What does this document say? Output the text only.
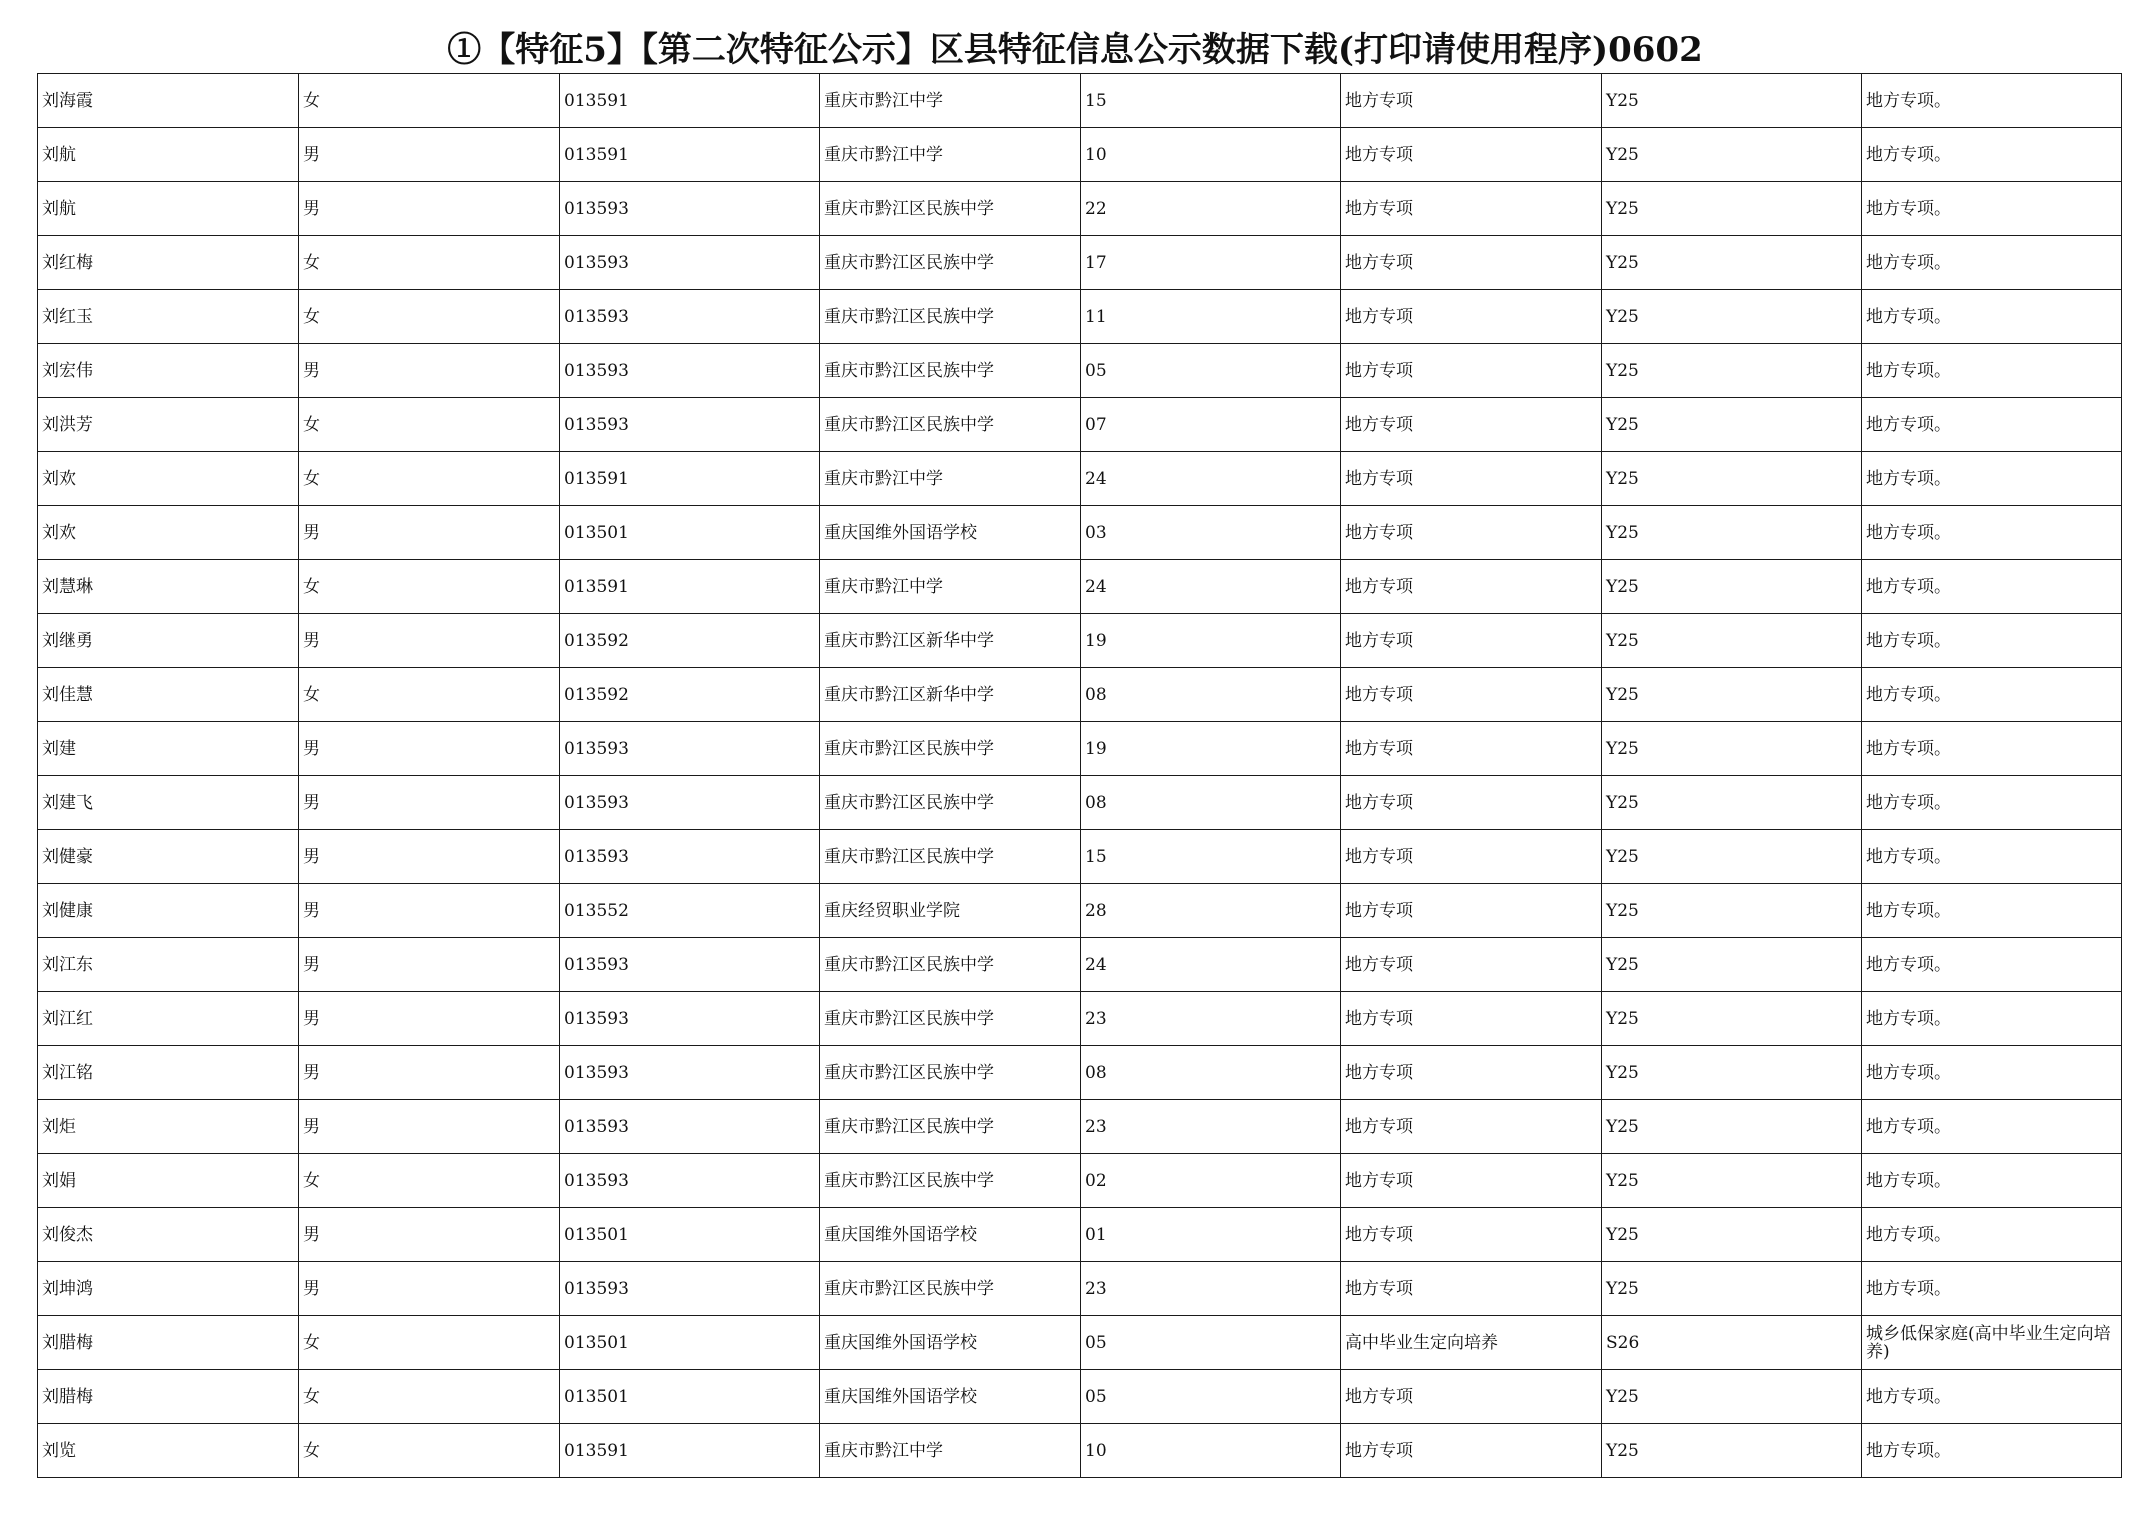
①【特征5】【第二次特征公示】区县特征信息公示数据下载(打印请使用程序)0602
刘海霞	女	013591	重庆市黔江中学	15	地方专项	Y25	地方专项。
刘航	男	013591	重庆市黔江中学	10	地方专项	Y25	地方专项。
刘航	男	013593	重庆市黔江区民族中学	22	地方专项	Y25	地方专项。
刘红梅	女	013593	重庆市黔江区民族中学	17	地方专项	Y25	地方专项。
刘红玉	女	013593	重庆市黔江区民族中学	11	地方专项	Y25	地方专项。
刘宏伟	男	013593	重庆市黔江区民族中学	05	地方专项	Y25	地方专项。
刘洪芳	女	013593	重庆市黔江区民族中学	07	地方专项	Y25	地方专项。
刘欢	女	013591	重庆市黔江中学	24	地方专项	Y25	地方专项。
刘欢	男	013501	重庆国维外国语学校	03	地方专项	Y25	地方专项。
刘慧琳	女	013591	重庆市黔江中学	24	地方专项	Y25	地方专项。
刘继勇	男	013592	重庆市黔江区新华中学	19	地方专项	Y25	地方专项。
刘佳慧	女	013592	重庆市黔江区新华中学	08	地方专项	Y25	地方专项。
刘建	男	013593	重庆市黔江区民族中学	19	地方专项	Y25	地方专项。
刘建飞	男	013593	重庆市黔江区民族中学	08	地方专项	Y25	地方专项。
刘健豪	男	013593	重庆市黔江区民族中学	15	地方专项	Y25	地方专项。
刘健康	男	013552	重庆经贸职业学院	28	地方专项	Y25	地方专项。
刘江东	男	013593	重庆市黔江区民族中学	24	地方专项	Y25	地方专项。
刘江红	男	013593	重庆市黔江区民族中学	23	地方专项	Y25	地方专项。
刘江铭	男	013593	重庆市黔江区民族中学	08	地方专项	Y25	地方专项。
刘炬	男	013593	重庆市黔江区民族中学	23	地方专项	Y25	地方专项。
刘娟	女	013593	重庆市黔江区民族中学	02	地方专项	Y25	地方专项。
刘俊杰	男	013501	重庆国维外国语学校	01	地方专项	Y25	地方专项。
刘坤鸿	男	013593	重庆市黔江区民族中学	23	地方专项	Y25	地方专项。
刘腊梅	女	013501	重庆国维外国语学校	05	高中毕业生定向培养	S26	城乡低保家庭(高中毕业生定向培养)
刘腊梅	女	013501	重庆国维外国语学校	05	地方专项	Y25	地方专项。
刘览	女	013591	重庆市黔江中学	10	地方专项	Y25	地方专项。
